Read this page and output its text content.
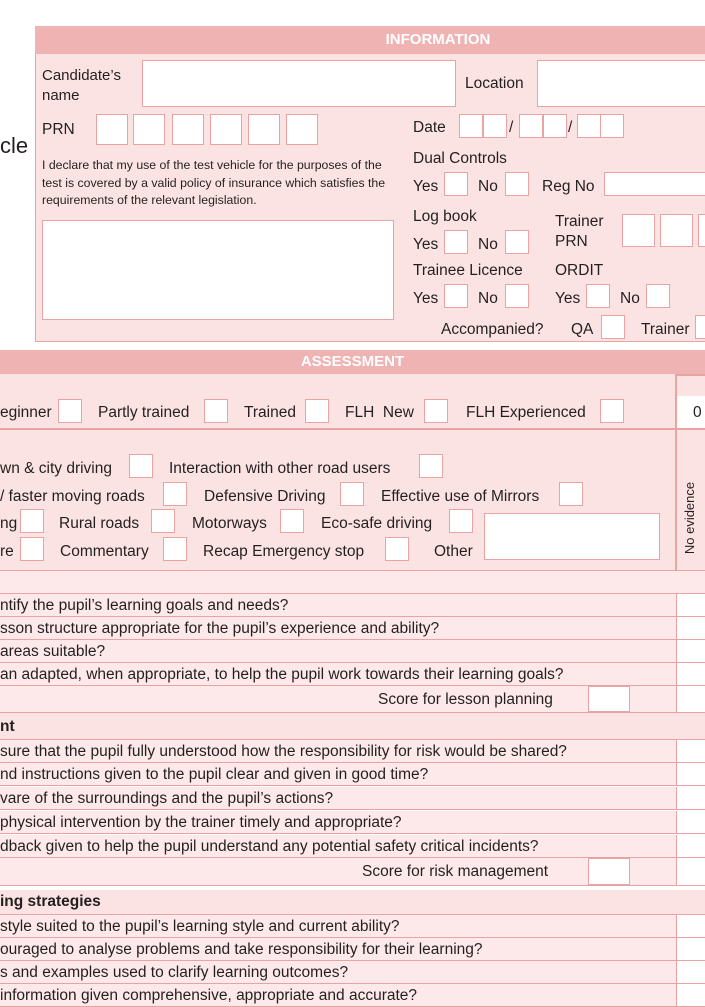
INFORMATION
cle
Candidate’s name
Location
PRN	Date	/	/
I declare that my use of the test vehicle for the purposes of the test is covered by a valid policy of insurance which satisfies the requirements of the relevant legislation.
Dual Controls
Yes	No	Reg No
Log book
Yes	No
Trainer PRN
Trainee Licence
Yes	No
ORDIT
Yes	No
Accompanied? QA	Trainer
ASSESSMENT
eginner	Partly trained	Trained	FLH  New	FLH Experienced	0
wn & city driving	Interaction with other road users
/ faster moving roads	Defensive Driving	Effective use of Mirrors
ng	Rural roads	Motorways	Eco-safe driving
re	Commentary	Recap Emergency stop	Other	No evidence
ntify the pupil’s learning goals and needs?
sson structure appropriate for the pupil’s experience and ability?
areas suitable?
an adapted, when appropriate, to help the pupil work towards their learning goals?
Score for lesson planning
nt
sure that the pupil fully understood how the responsibility for risk would be shared?
nd instructions given to the pupil clear and given in good time?
vare of the surroundings and the pupil’s actions?
physical intervention by the trainer timely and appropriate?
dback given to help the pupil understand any potential safety critical incidents?
Score for risk management
ing strategies
style suited to the pupil’s learning style and current ability?
ouraged to analyse problems and take responsibility for their learning?
s and examples used to clarify learning outcomes?
information given comprehensive, appropriate and accurate?
